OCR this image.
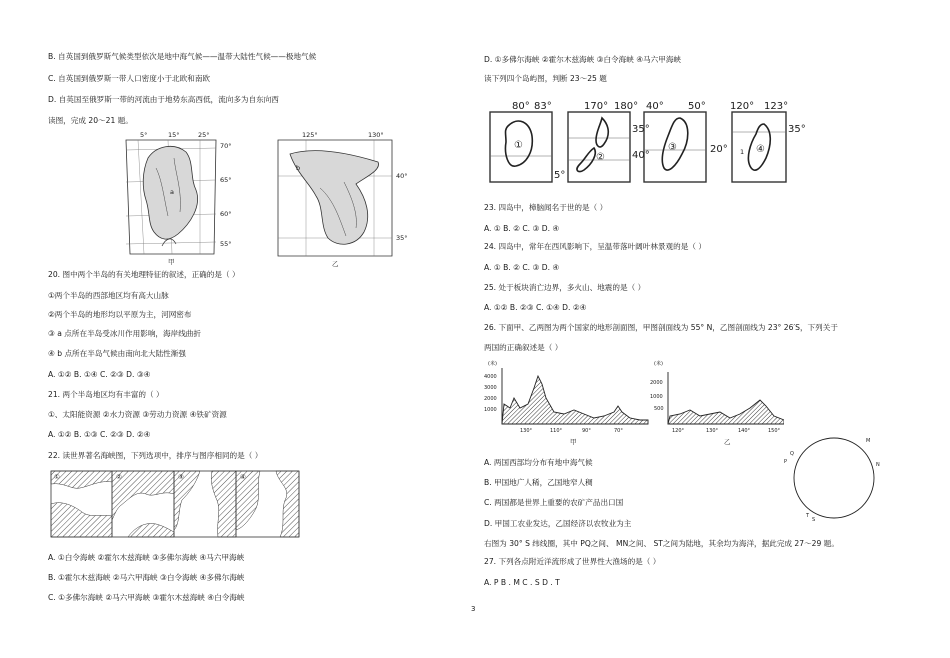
B. 自英国到俄罗斯气候类型依次是地中海气候——温带大陆性气候——极地气候
C. 自英国到俄罗斯一带人口密度小于北欧和南欧
D. 自英国至俄罗斯一带的河流由于地势东高西低，流向多为自东向西
读图，完成 20～21 题。
5°	15°	25°
a
70°
65°
60°
55°
甲
125°	130°
b
40°
35°
乙
20. 图中两个半岛的有关地理特征的叙述，正确的是（ ）
①两个半岛的西部地区均有高大山脉
②两个半岛的地形均以平原为主，河网密布
③ a 点所在半岛受冰川作用影响，海岸线曲折
④ b 点所在半岛气候由南向北大陆性渐强
A. ①② B. ①④ C. ②③ D. ③④
21. 两个半岛地区均有丰富的（ ）
①、太阳能资源 ②水力资源 ③劳动力资源 ④铁矿资源
A. ①② B. ①③ C. ②③ D. ②④
22. 读世界著名海峡图，下列选项中，排序与图序相同的是（ ）
①	②	③	④
A. ①白令海峡 ②霍尔木兹海峡 ③多佛尔海峡 ④马六甲海峡
B. ①霍尔木兹海峡 ②马六甲海峡 ③白令海峡 ④多佛尔海峡
C. ①多佛尔海峡 ②马六甲海峡 ③霍尔木兹海峡 ④白令海峡
D. ①多佛尔海峡 ②霍尔木兹海峡 ③白令海峡 ④马六甲海峡
读下列四个岛屿图，判断 23～25 题
80° 83°
①
5°
170° 180°
②
35°
40°
40° 50°
③	20°
120° 123°
④
1
35°
23. 四岛中，樟脑闻名于世的是（ ）
A. ① B. ② C. ③ D. ④
24. 四岛中，常年在西风影响下，呈温带落叶阔叶林景观的是（ ）
A. ① B. ② C. ③ D. ④
25. 处于板块消亡边界，多火山、地震的是（ ）
A. ①② B. ②③ C. ①④ D. ②④
26. 下面甲、乙两图为两个国家的地形剖面图，甲图剖面线为 55° N，乙图剖面线为 23° 26′S，下列关于
两国的正确叙述是（ ）
(米)
4000
3000
2000
1000
130°	110°	90°	70°
甲
(米)
2000
1000
500
120°	130°	140°	150°
乙	M
N
P
Q
T
S
A. 两国西部均分布有地中海气候
B. 甲国地广人稀，乙国地窄人稠
C. 两国都是世界上重要的农矿产品出口国
D. 甲国工农业发达，乙国经济以农牧业为主
右图为 30° S 纬线圈，其中 PQ之间、 MN之间、 ST之间为陆地，其余均为海洋，据此完成 27～29 题。
27. 下列各点附近洋流形成了世界性大渔场的是（ ）
A. P B . M C . S D . T
3
